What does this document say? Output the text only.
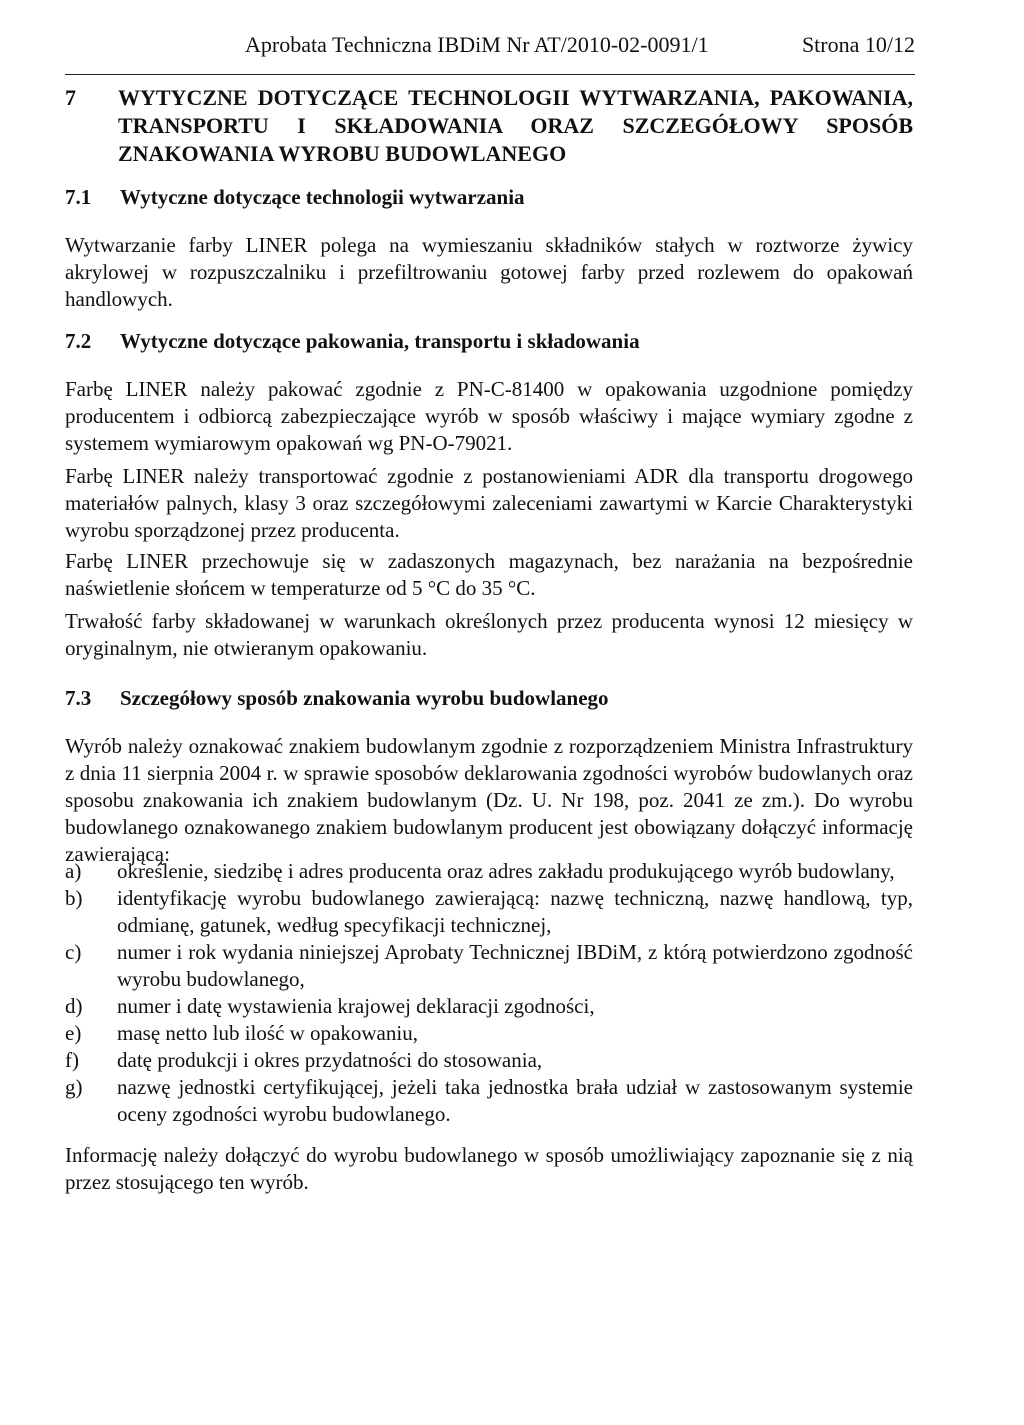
Aprobata Techniczna IBDiM Nr AT/2010-02-0091/1	Strona 10/12
7	WYTYCZNE DOTYCZĄCE TECHNOLOGII WYTWARZANIA, PAKOWANIA, TRANSPORTU I SKŁADOWANIA ORAZ SZCZEGÓŁOWY SPOSÓB ZNAKOWANIA WYROBU BUDOWLANEGO
7.1	Wytyczne dotyczące technologii wytwarzania

Wytwarzanie farby LINER polega na wymieszaniu składników stałych w roztworze żywicy akrylowej w rozpuszczalniku i przefiltrowaniu gotowej farby przed rozlewem do opakowań handlowych.

7.2	Wytyczne dotyczące pakowania, transportu i składowania

Farbę LINER należy pakować zgodnie z PN-C-81400 w opakowania uzgodnione pomiędzy producentem i odbiorcą zabezpieczające wyrób w sposób właściwy i mające wymiary zgodne z systemem wymiarowym opakowań wg PN-O-79021.

Farbę LINER należy transportować zgodnie z postanowieniami ADR dla transportu drogowego materiałów palnych, klasy 3 oraz szczegółowymi zaleceniami zawartymi w Karcie Charakterystyki wyrobu sporządzonej przez producenta.

Farbę LINER przechowuje się w zadaszonych magazynach, bez narażania na bezpośrednie naświetlenie słońcem w temperaturze od 5 °C do 35 °C.

Trwałość farby składowanej w warunkach określonych przez producenta wynosi 12 miesięcy w oryginalnym, nie otwieranym opakowaniu.

7.3	Szczegółowy sposób znakowania wyrobu budowlanego

Wyrób należy oznakować znakiem budowlanym zgodnie z rozporządzeniem Ministra Infrastruktury z dnia 11 sierpnia 2004 r. w sprawie sposobów deklarowania zgodności wyrobów budowlanych oraz sposobu znakowania ich znakiem budowlanym (Dz. U. Nr 198, poz. 2041 ze zm.). Do wyrobu budowlanego oznakowanego znakiem budowlanym producent jest obowiązany dołączyć informację zawierającą:

a)	określenie, siedzibę i adres producenta oraz adres zakładu produkującego wyrób budowlany,
b)	identyfikację wyrobu budowlanego zawierającą: nazwę techniczną, nazwę handlową, typ, odmianę, gatunek, według specyfikacji technicznej,
c)	numer i rok wydania niniejszej Aprobaty Technicznej IBDiM, z którą potwierdzono zgodność wyrobu budowlanego,
d)	numer i datę wystawienia krajowej deklaracji zgodności,
e)	masę netto lub ilość w opakowaniu,
f)	datę produkcji i okres przydatności do stosowania,
g)	nazwę jednostki certyfikującej, jeżeli taka jednostka brała udział w zastosowanym systemie oceny zgodności wyrobu budowlanego.

Informację należy dołączyć do wyrobu budowlanego w sposób umożliwiający zapoznanie się z nią przez stosującego ten wyrób.
